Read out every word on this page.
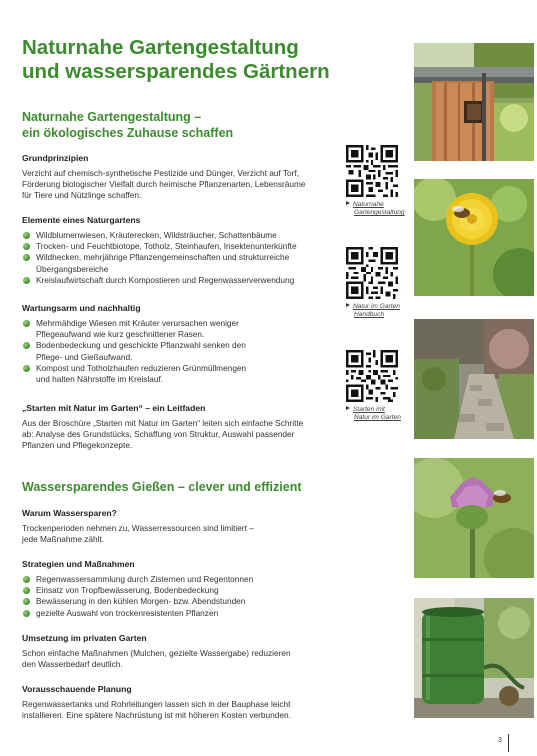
Naturnahe Gartengestaltung
und wassersparendes Gärtnern
Naturnahe Gartengestaltung –
ein ökologisches Zuhause schaffen
Grundprinzipien
Verzicht auf chemisch-synthetische Pestizide und Dünger, Verzicht auf Torf,
Förderung biologischer Vielfalt durch heimische Pflanzenarten, Lebensräume
für Tiere und Nützlinge schaffen.
Elemente eines Naturgartens
Wildblumenwiesen, Kräuterecken, Wildsträucher, Schattenbäume
Trocken- und Feuchtbiotope, Totholz, Steinhaufen, Insektenunterkünfte
Wildhecken, mehrjährige Pflanzengemeinschaften und strukturreiche
Übergangsbereiche
Kreislaufwirtschaft durch Kompostieren und Regenwasserverwendung
Wartungsarm und nachhaltig
Mehrmähdige Wiesen mit Kräuter verursachen weniger
Pflegeaufwand wie kurz geschnittener Rasen.
Bodenbedeckung und geschickte Pflanzwahl senken den
Pflege- und Gießaufwand.
Kompost und Totholzhaufen reduzieren Grünmüllmengen
und halten Nährstoffe im Kreislauf.
„Starten mit Natur im Garten“ – ein Leitfaden
Aus der Broschüre „Starten mit Natur im Garten“ leiten sich einfache Schritte
ab: Analyse des Grundstücks, Schaffung von Struktur, Auswahl passender
Pflanzen und Pflegekonzepte.
Wassersparendes Gießen – clever und effizient
Warum Wassersparen?
Trockenperioden nehmen zu, Wasserressourcen sind limitiert –
jede Maßnahme zählt.
Strategien und Maßnahmen
Regenwassersammlung durch Zisternen und Regentonnen
Einsatz von Tropfbewässerung, Bodenbedeckung
Bewässerung in den kühlen Morgen- bzw. Abendstunden
gezielte Auswahl von trockenresistenten Pflanzen
Umsetzung im privaten Garten
Schon einfache Maßnahmen (Mulchen, gezielte Wassergabe) reduzieren
den Wasserbedarf deutlich.
Vorausschauende Planung
Regenwassertanks und Rohrleitungen lassen sich in der Bauphase leicht
installieren. Eine spätere Nachrüstung ist mit höheren Kosten verbunden.
Naturnahe
Gartengestaltung
Natur im Garten
Handbuch
Starten mit
Natur im Garten
3
